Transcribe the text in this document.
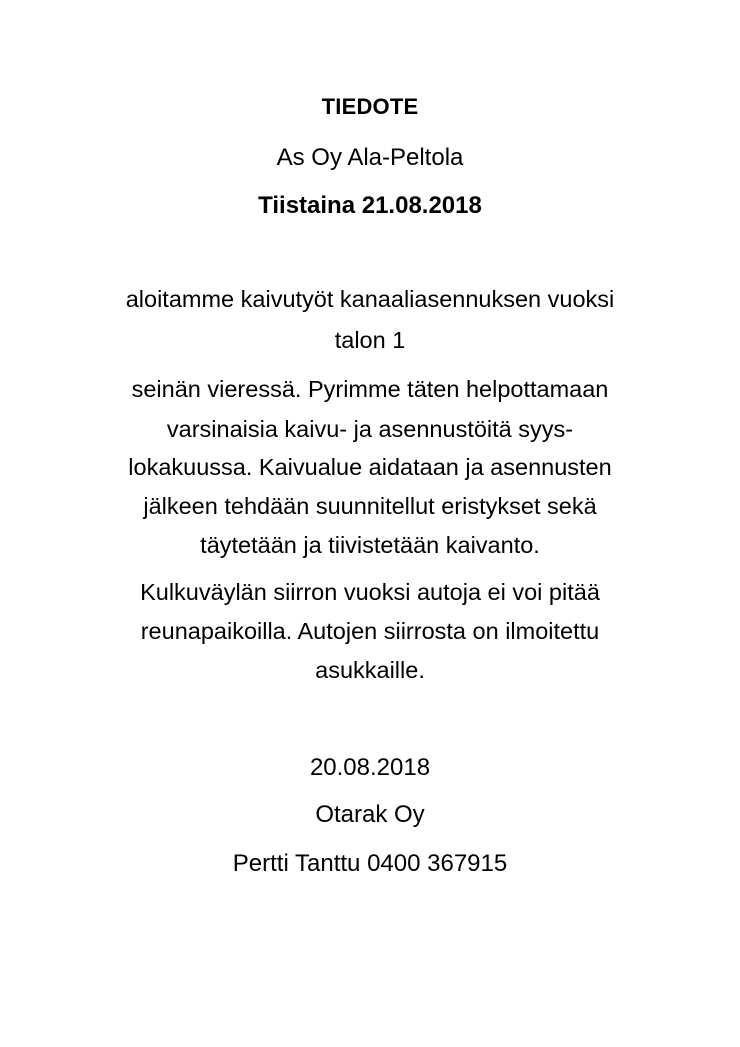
TIEDOTE
As Oy Ala-Peltola
Tiistaina 21.08.2018
aloitamme kaivutyöt kanaaliasennuksen vuoksi
talon 1
seinän vieressä. Pyrimme täten helpottamaan
varsinaisia kaivu- ja asennustöitä syys-
lokakuussa. Kaivualue aidataan ja asennusten
jälkeen tehdään suunnitellut eristykset sekä
täytetään ja tiivistetään kaivanto.
Kulkuväylän siirron vuoksi autoja ei voi pitää
reunapaikoilla. Autojen siirrosta on ilmoitettu
asukkaille.
20.08.2018
Otarak Oy
Pertti Tanttu 0400 367915
